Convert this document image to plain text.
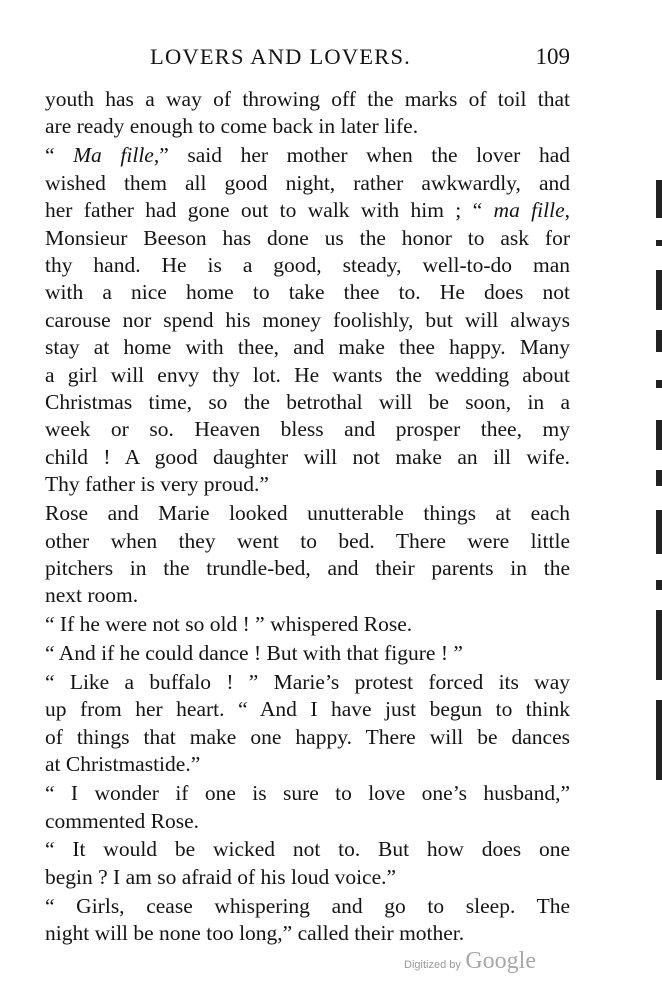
LOVERS AND LOVERS.	109
youth has a way of throwing off the marks of toil that
are ready enough to come back in later life.
“ Ma fille,” said her mother when the lover had
wished them all good night, rather awkwardly, and
her father had gone out to walk with him ; “ ma fille,
Monsieur Beeson has done us the honor to ask for
thy hand. He is a good, steady, well-to-do man
with a nice home to take thee to. He does not
carouse nor spend his money foolishly, but will always
stay at home with thee, and make thee happy. Many
a girl will envy thy lot. He wants the wedding about
Christmas time, so the betrothal will be soon, in a
week or so. Heaven bless and prosper thee, my
child ! A good daughter will not make an ill wife.
Thy father is very proud.”
Rose and Marie looked unutterable things at each
other when they went to bed. There were little
pitchers in the trundle-bed, and their parents in the
next room.
“ If he were not so old ! ” whispered Rose.
“ And if he could dance ! But with that figure ! ”
“ Like a buffalo ! ” Marie’s protest forced its way
up from her heart. “ And I have just begun to think
of things that make one happy. There will be dances
at Christmastide.”
“ I wonder if one is sure to love one’s husband,”
commented Rose.
“ It would be wicked not to. But how does one
begin ? I am so afraid of his loud voice.”
“ Girls, cease whispering and go to sleep. The
night will be none too long,” called their mother.
Digitized by Google
